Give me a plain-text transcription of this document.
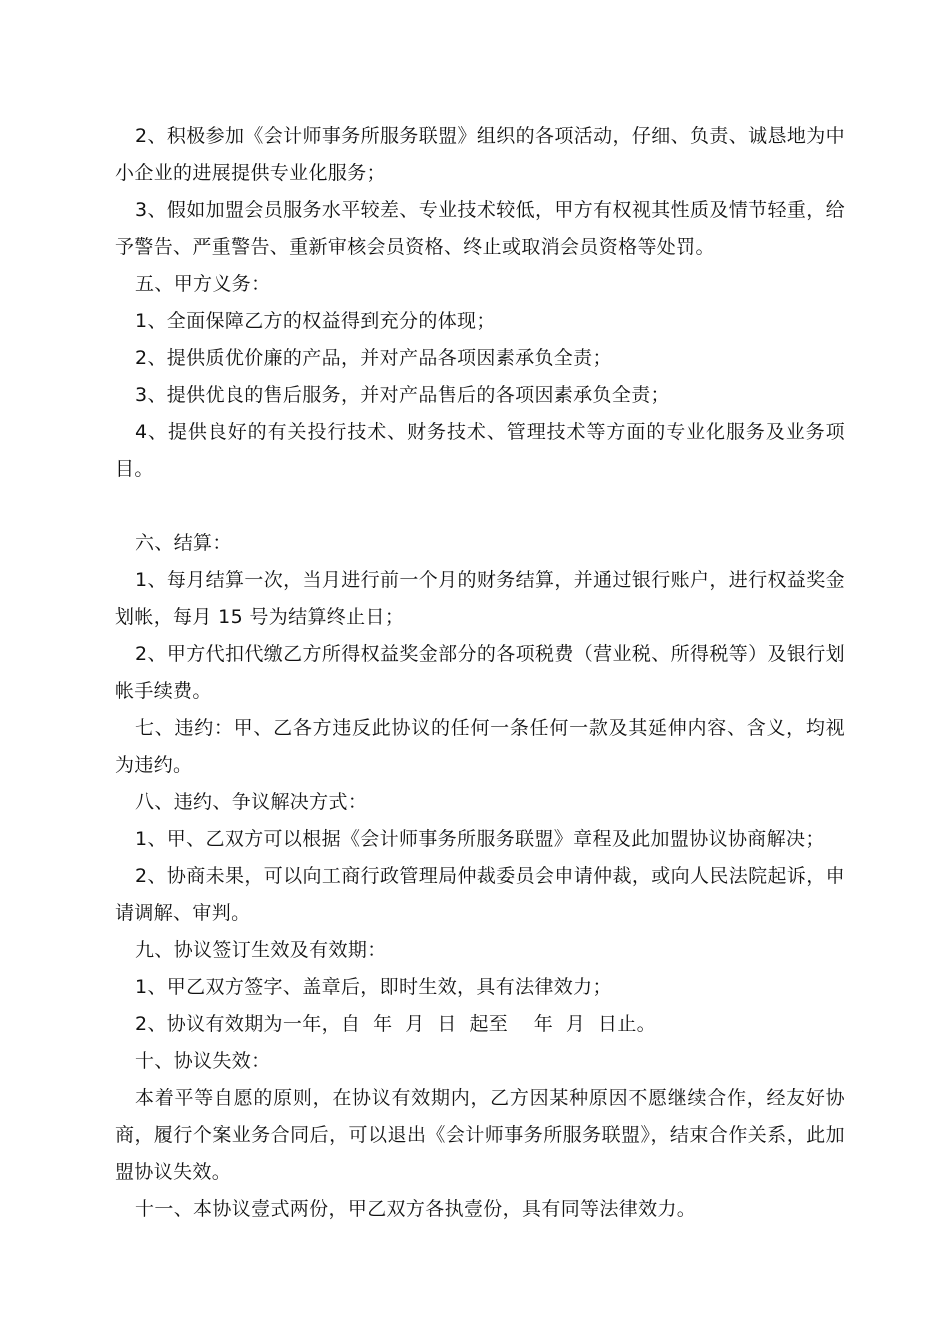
2、积极参加《会计师事务所服务联盟》组织的各项活动，仔细、负责、诚恳地为中小企业的进展提供专业化服务；

3、假如加盟会员服务水平较差、专业技术较低，甲方有权视其性质及情节轻重，给予警告、严重警告、重新审核会员资格、终止或取消会员资格等处罚。

五、甲方义务：

1、全面保障乙方的权益得到充分的体现；

2、提供质优价廉的产品，并对产品各项因素承负全责；

3、提供优良的售后服务，并对产品售后的各项因素承负全责；

4、提供良好的有关投行技术、财务技术、管理技术等方面的专业化服务及业务项目。

六、结算：

1、每月结算一次，当月进行前一个月的财务结算，并通过银行账户，进行权益奖金划帐，每月 15 号为结算终止日；

2、甲方代扣代缴乙方所得权益奖金部分的各项税费（营业税、所得税等）及银行划帐手续费。

七、违约：甲、乙各方违反此协议的任何一条任何一款及其延伸内容、含义，均视为违约。

八、违约、争议解决方式：

1、甲、乙双方可以根据《会计师事务所服务联盟》章程及此加盟协议协商解决；

2、协商未果，可以向工商行政管理局仲裁委员会申请仲裁，或向人民法院起诉，申请调解、审判。

九、协议签订生效及有效期：

1、甲乙双方签字、盖章后，即时生效，具有法律效力；

2、协议有效期为一年，自  年  月  日  起至    年  月  日止。

十、协议失效：

本着平等自愿的原则，在协议有效期内，乙方因某种原因不愿继续合作，经友好协商，履行个案业务合同后，可以退出《会计师事务所服务联盟》，结束合作关系，此加盟协议失效。

十一、本协议壹式两份，甲乙双方各执壹份，具有同等法律效力。
